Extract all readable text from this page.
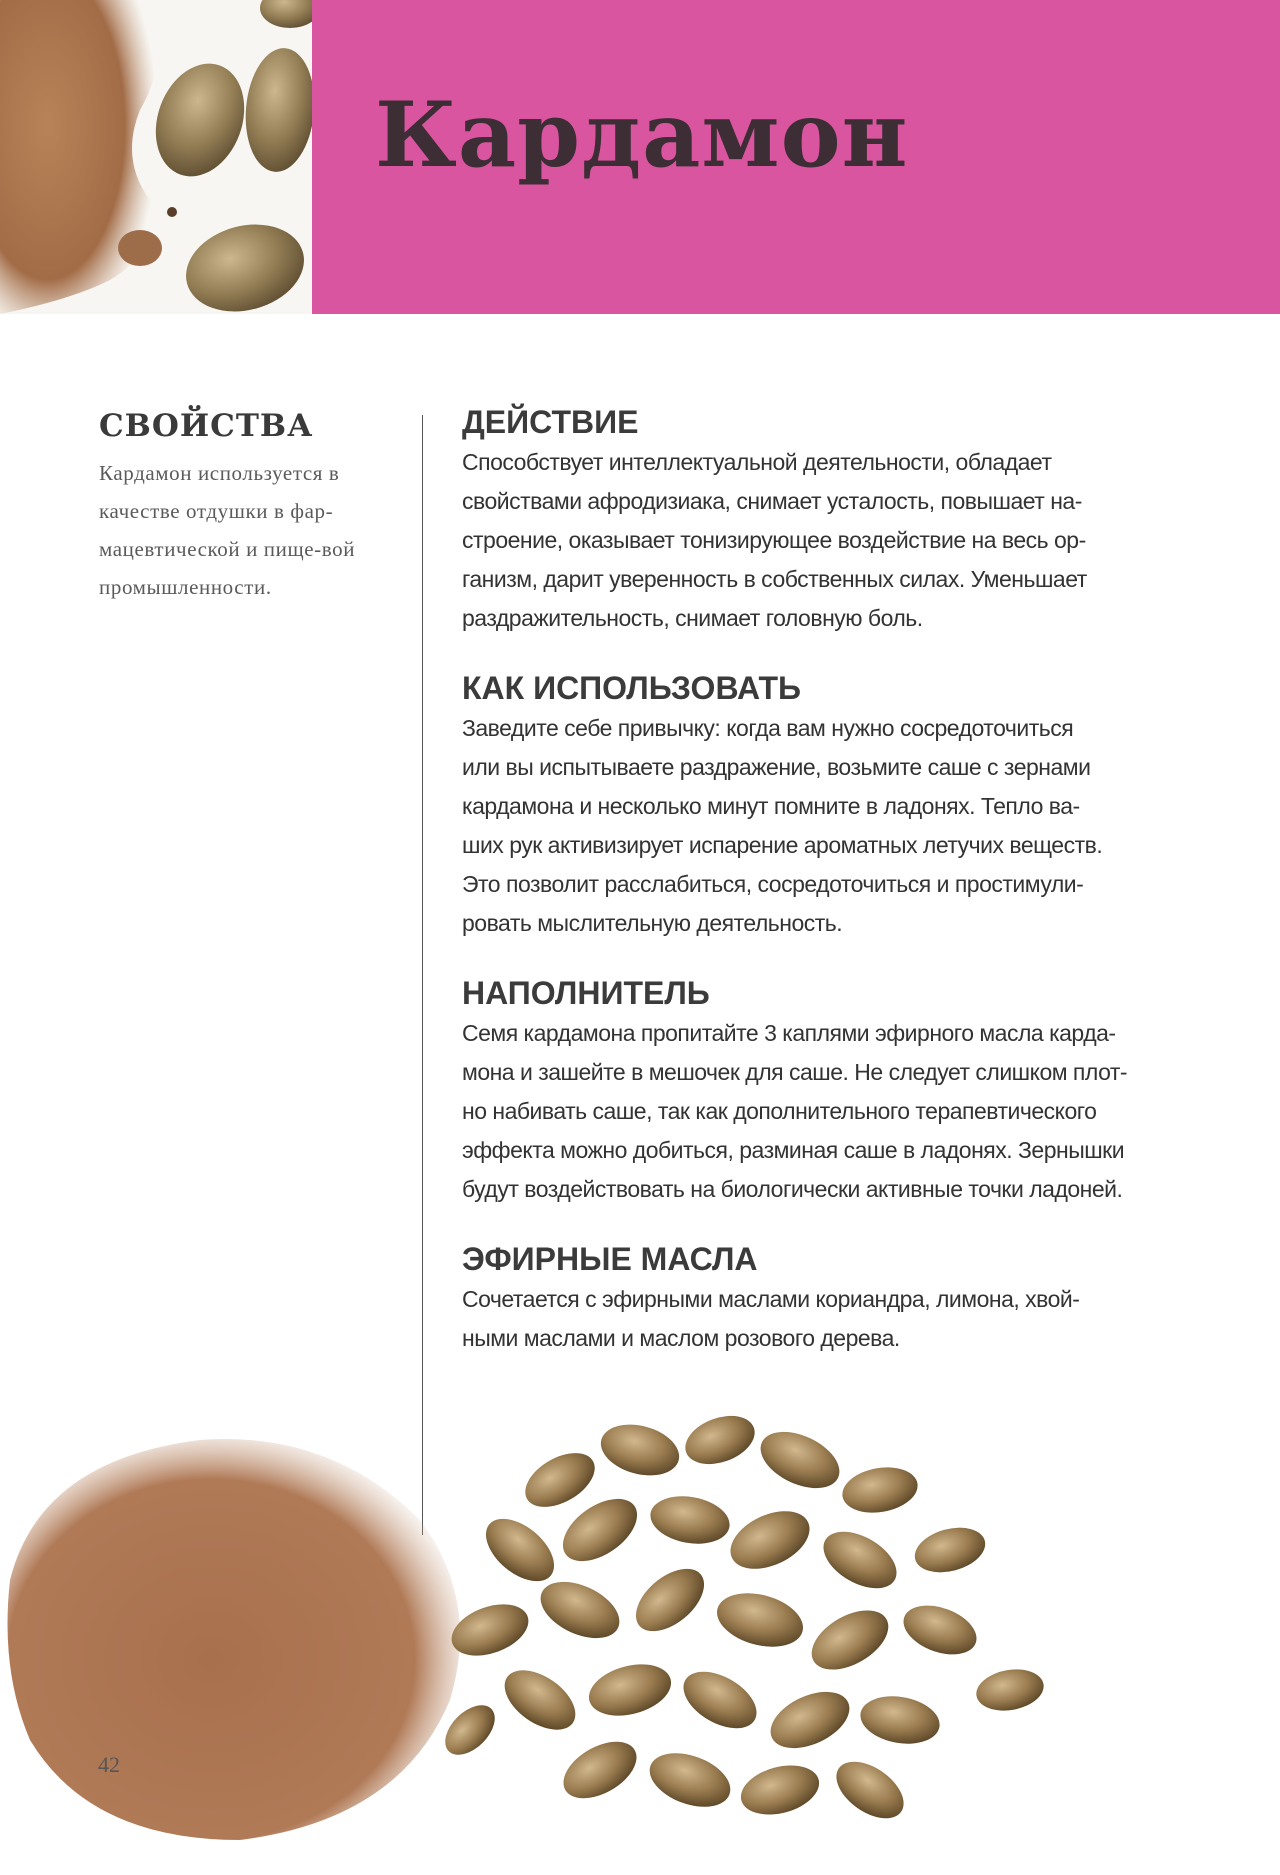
Кардамон
СВОЙСТВА

Кардамон используется в качестве отдушки в фар-мацевтической и пище-вой промышленности.

ДЕЙСТВИЕ

Способствует интеллектуальной деятельности, обладает
свойствами афродизиака, снимает усталость, повышает на-
строение, оказывает тонизирующее воздействие на весь ор-
ганизм, дарит уверенность в собственных силах. Уменьшает
раздражительность, снимает головную боль.

КАК ИСПОЛЬЗОВАТЬ

Заведите себе привычку: когда вам нужно сосредоточиться
или вы испытываете раздражение, возьмите саше с зернами
кардамона и несколько минут помните в ладонях. Тепло ва-
ших рук активизирует испарение ароматных летучих веществ.
Это позволит расслабиться, сосредоточиться и простимули-
ровать мыслительную деятельность.

НАПОЛНИТЕЛЬ

Семя кардамона пропитайте 3 каплями эфирного масла карда-
мона и зашейте в мешочек для саше. Не следует слишком плот-
но набивать саше, так как дополнительного терапевтического
эффекта можно добиться, разминая саше в ладонях. Зернышки
будут воздействовать на биологически активные точки ладоней.

ЭФИРНЫЕ МАСЛА

Сочетается с эфирными маслами кориандра, лимона, хвой-
ными маслами и маслом розового дерева.

42
